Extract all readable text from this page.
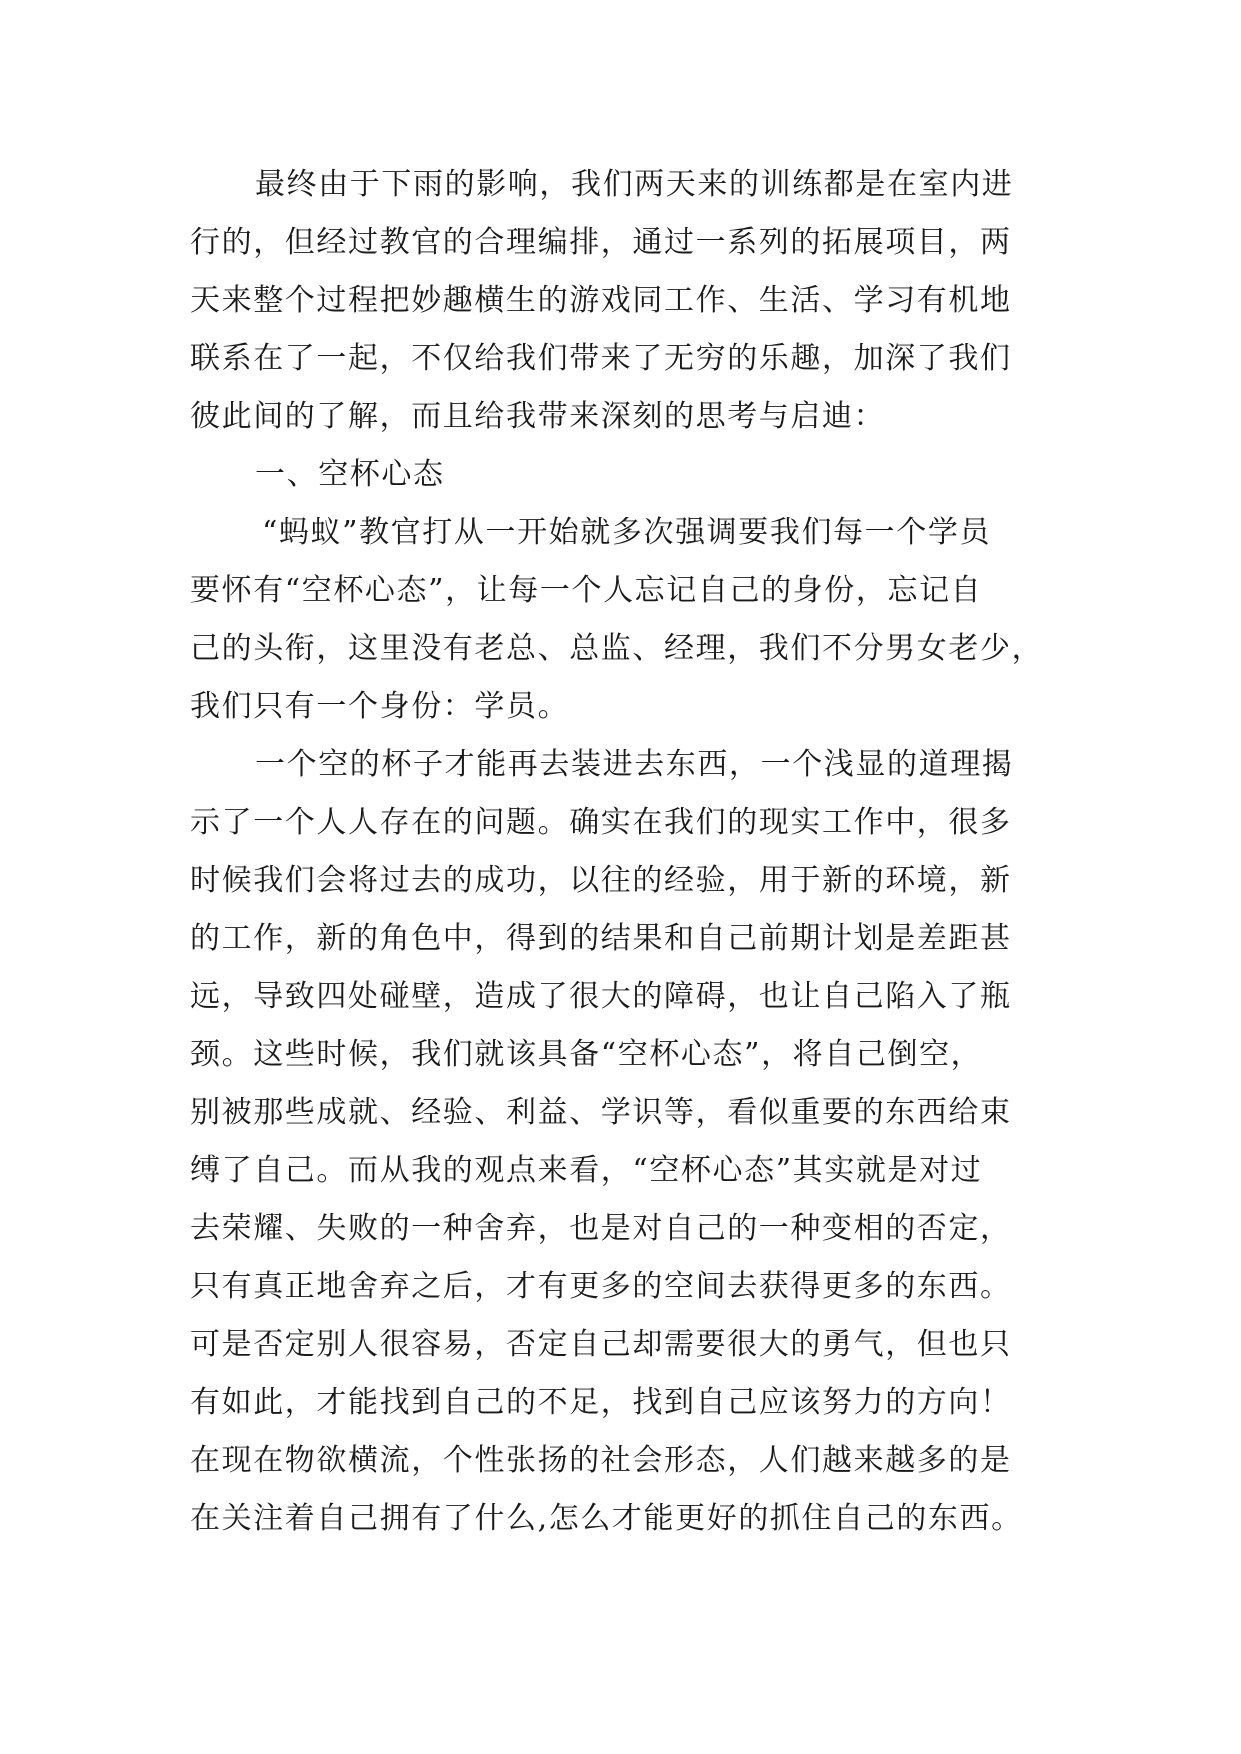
最终由于下雨的影响，我们两天来的训练都是在室内进
行的，但经过教官的合理编排，通过一系列的拓展项目，两
天来整个过程把妙趣横生的游戏同工作、生活、学习有机地
联系在了一起，不仅给我们带来了无穷的乐趣，加深了我们
彼此间的了解，而且给我带来深刻的思考与启迪：
一、空杯心态
“蚂蚁”教官打从一开始就多次强调要我们每一个学员
要怀有“空杯心态”，让每一个人忘记自己的身份，忘记自
己的头衔，这里没有老总、总监、经理，我们不分男女老少，
我们只有一个身份：学员。
一个空的杯子才能再去装进去东西，一个浅显的道理揭
示了一个人人存在的问题。确实在我们的现实工作中，很多
时候我们会将过去的成功，以往的经验，用于新的环境，新
的工作，新的角色中，得到的结果和自己前期计划是差距甚
远，导致四处碰壁，造成了很大的障碍，也让自己陷入了瓶
颈。这些时候，我们就该具备“空杯心态”，将自己倒空，
别被那些成就、经验、利益、学识等，看似重要的东西给束
缚了自己。而从我的观点来看，“空杯心态”其实就是对过
去荣耀、失败的一种舍弃，也是对自己的一种变相的否定，
只有真正地舍弃之后，才有更多的空间去获得更多的东西。
可是否定别人很容易，否定自己却需要很大的勇气，但也只
有如此，才能找到自己的不足，找到自己应该努力的方向！
在现在物欲横流，个性张扬的社会形态，人们越来越多的是
在关注着自己拥有了什么,怎么才能更好的抓住自己的东西。
